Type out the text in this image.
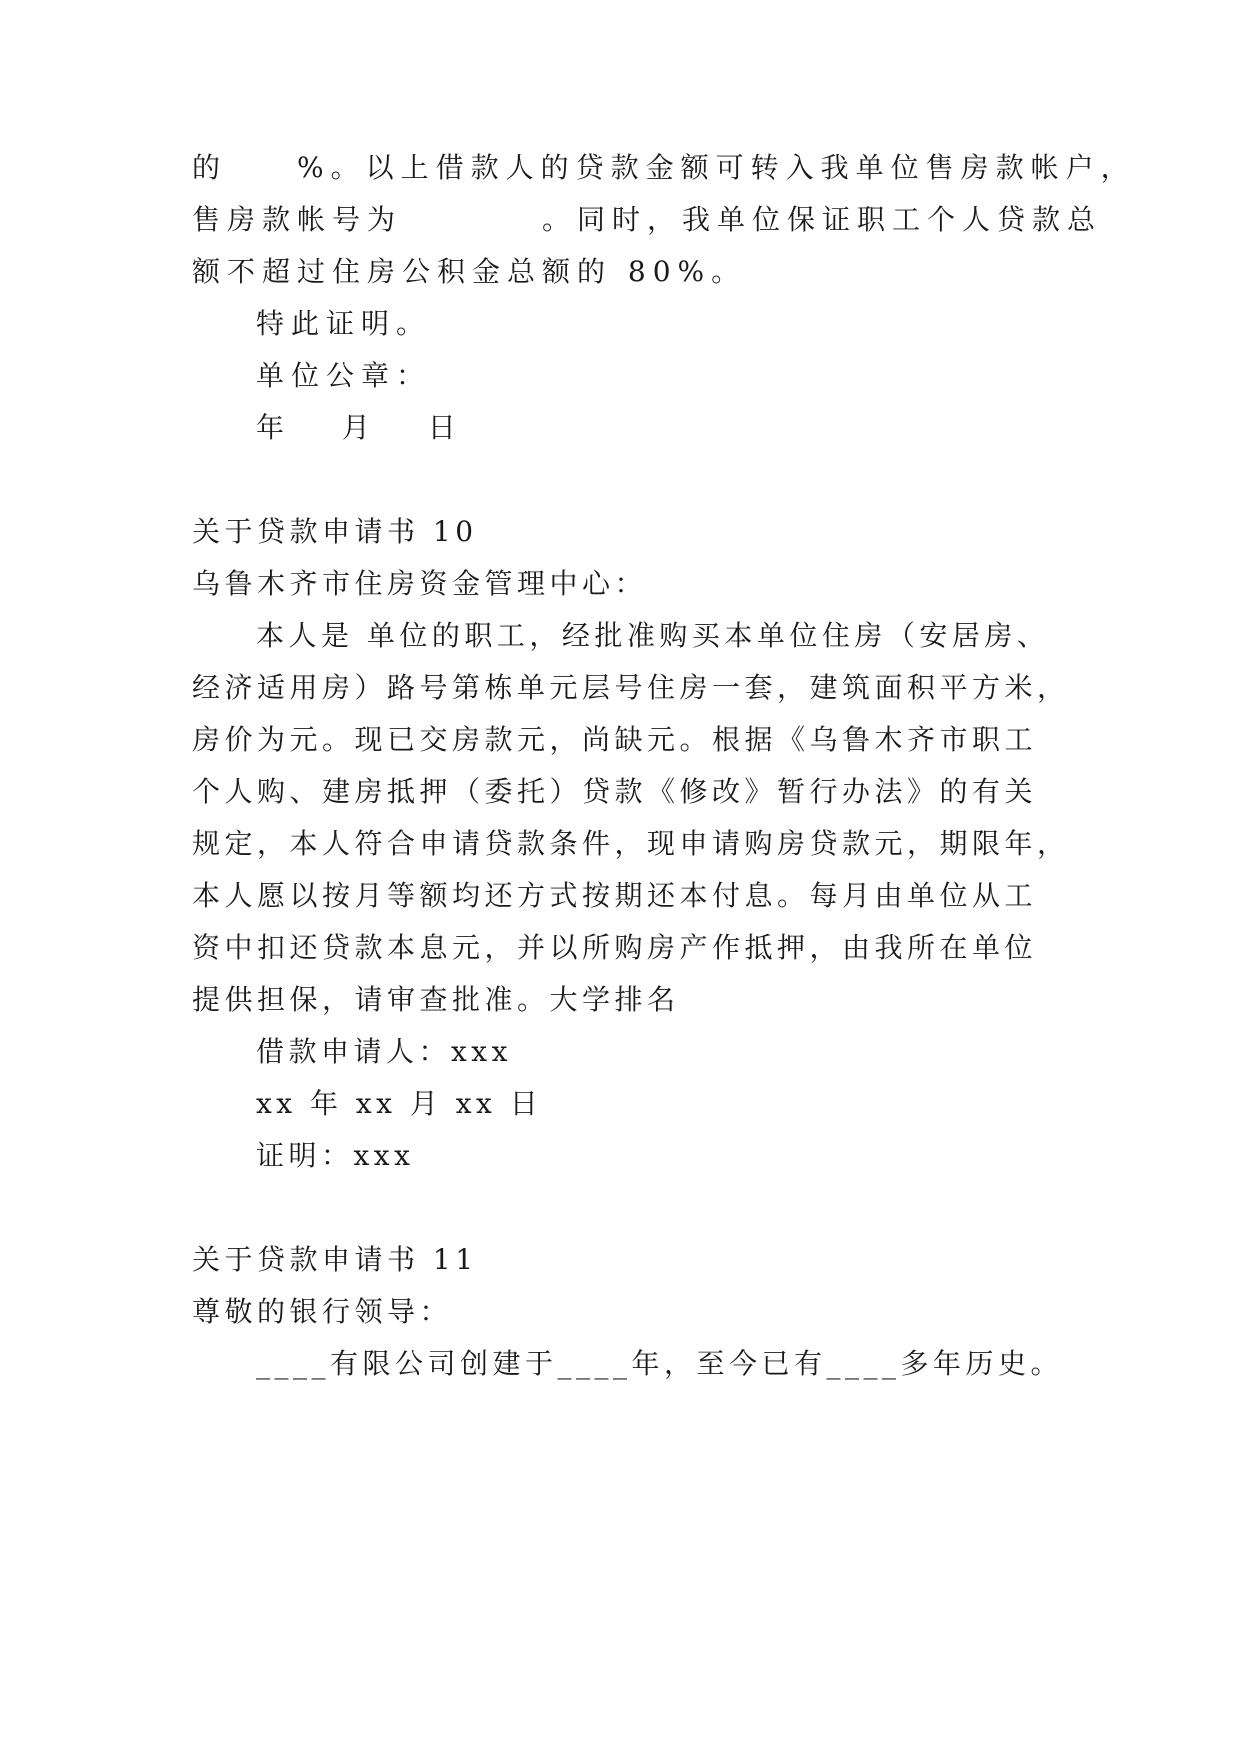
的　　%。以上借款人的贷款金额可转入我单位售房款帐户，
售房款帐号为　　　　。同时，我单位保证职工个人贷款总
额不超过住房公积金总额的 80%。
特此证明。
单位公章：
年　 月　 日
关于贷款申请书 10
乌鲁木齐市住房资金管理中心：
本人是 单位的职工，经批准购买本单位住房（安居房、
经济适用房）路号第栋单元层号住房一套，建筑面积平方米，
房价为元。现已交房款元，尚缺元。根据《乌鲁木齐市职工
个人购、建房抵押（委托）贷款《修改》暂行办法》的有关
规定，本人符合申请贷款条件，现申请购房贷款元，期限年，
本人愿以按月等额均还方式按期还本付息。每月由单位从工
资中扣还贷款本息元，并以所购房产作抵押，由我所在单位
提供担保，请审查批准。大学排名
借款申请人：xxx
xx 年 xx 月 xx 日
证明：xxx
关于贷款申请书 11
尊敬的银行领导：
____有限公司创建于____年，至今已有____多年历史。
